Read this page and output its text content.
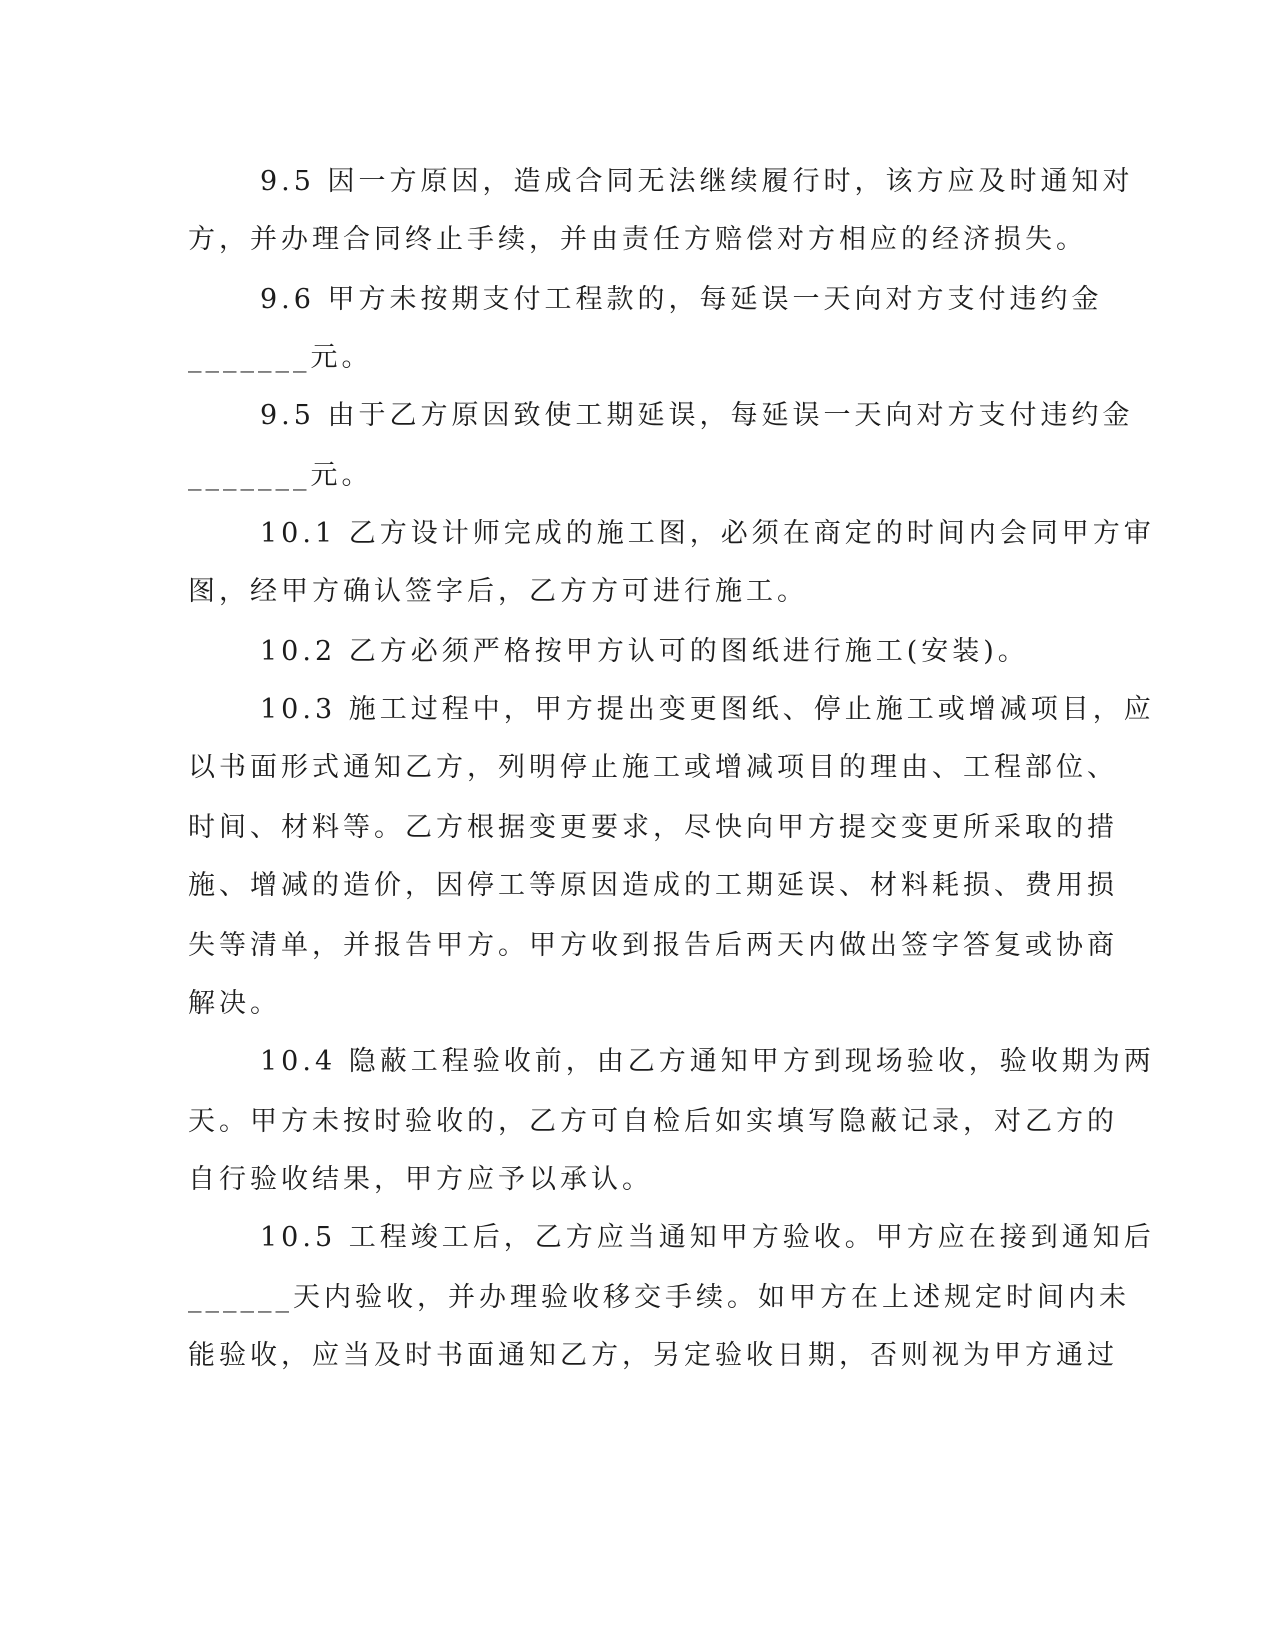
9.5 因一方原因，造成合同无法继续履行时，该方应及时通知对
方，并办理合同终止手续，并由责任方赔偿对方相应的经济损失。
9.6 甲方未按期支付工程款的，每延误一天向对方支付违约金
_______元。
9.5 由于乙方原因致使工期延误，每延误一天向对方支付违约金
_______元。
10.1 乙方设计师完成的施工图，必须在商定的时间内会同甲方审
图，经甲方确认签字后，乙方方可进行施工。
10.2 乙方必须严格按甲方认可的图纸进行施工(安装)。
10.3 施工过程中，甲方提出变更图纸、停止施工或增减项目，应
以书面形式通知乙方，列明停止施工或增减项目的理由、工程部位、
时间、材料等。乙方根据变更要求，尽快向甲方提交变更所采取的措
施、增减的造价，因停工等原因造成的工期延误、材料耗损、费用损
失等清单，并报告甲方。甲方收到报告后两天内做出签字答复或协商
解决。
10.4 隐蔽工程验收前，由乙方通知甲方到现场验收，验收期为两
天。甲方未按时验收的，乙方可自检后如实填写隐蔽记录，对乙方的
自行验收结果，甲方应予以承认。
10.5 工程竣工后，乙方应当通知甲方验收。甲方应在接到通知后
______天内验收，并办理验收移交手续。如甲方在上述规定时间内未
能验收，应当及时书面通知乙方，另定验收日期，否则视为甲方通过
